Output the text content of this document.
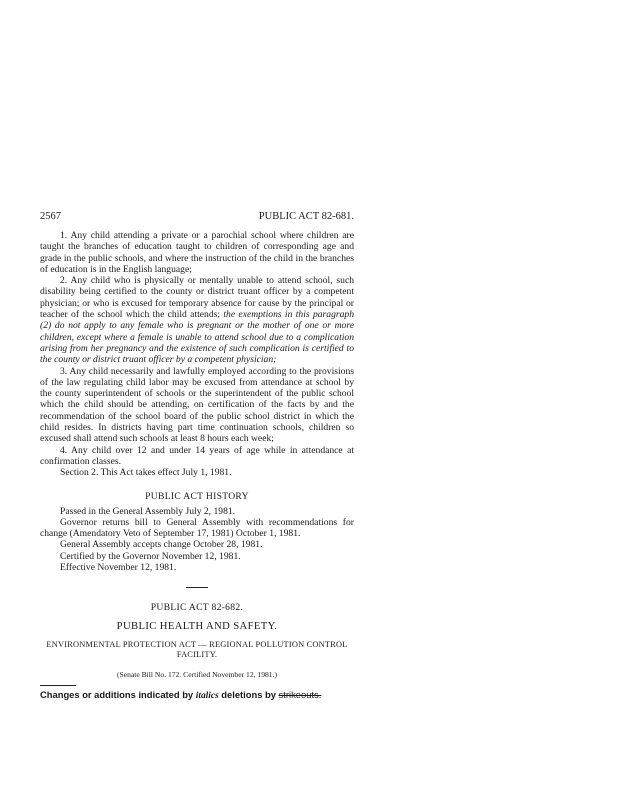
2567	PUBLIC ACT 82-681.

1. Any child attending a private or a parochial school where children are taught the branches of education taught to children of corresponding age and grade in the public schools, and where the instruction of the child in the branches of education is in the English language;

2. Any child who is physically or mentally unable to attend school, such disability being certified to the county or district truant officer by a competent physician; or who is excused for temporary absence for cause by the principal or teacher of the school which the child attends; the exemptions in this paragraph (2) do not apply to any female who is pregnant or the mother of one or more children, except where a female is unable to attend school due to a complication arising from her pregnancy and the existence of such complication is certified to the county or district truant officer by a competent physician;

3. Any child necessarily and lawfully employed according to the provisions of the law regulating child labor may be excused from attendance at school by the county superintendent of schools or the superintendent of the public school which the child should be attending, on certification of the facts by and the recommendation of the school board of the public school district in which the child resides. In districts having part time continuation schools, children so excused shall attend such schools at least 8 hours each week;

4. Any child over 12 and under 14 years of age while in attendance at confirmation classes.

Section 2. This Act takes effect July 1, 1981.

PUBLIC ACT HISTORY

Passed in the General Assembly July 2, 1981.

Governor returns bill to General Assembly with recommendations for change (Amendatory Veto of September 17, 1981) October 1, 1981.

General Assembly accepts change October 28, 1981.

Certified by the Governor November 12, 1981.

Effective November 12, 1981.

PUBLIC ACT 82-682.
PUBLIC HEALTH AND SAFETY.
ENVIRONMENTAL PROTECTION ACT — REGIONAL POLLUTION CONTROL FACILITY.
(Senate Bill No. 172. Certified November 12, 1981.)
Changes or additions indicated by italics deletions by strikeouts.
